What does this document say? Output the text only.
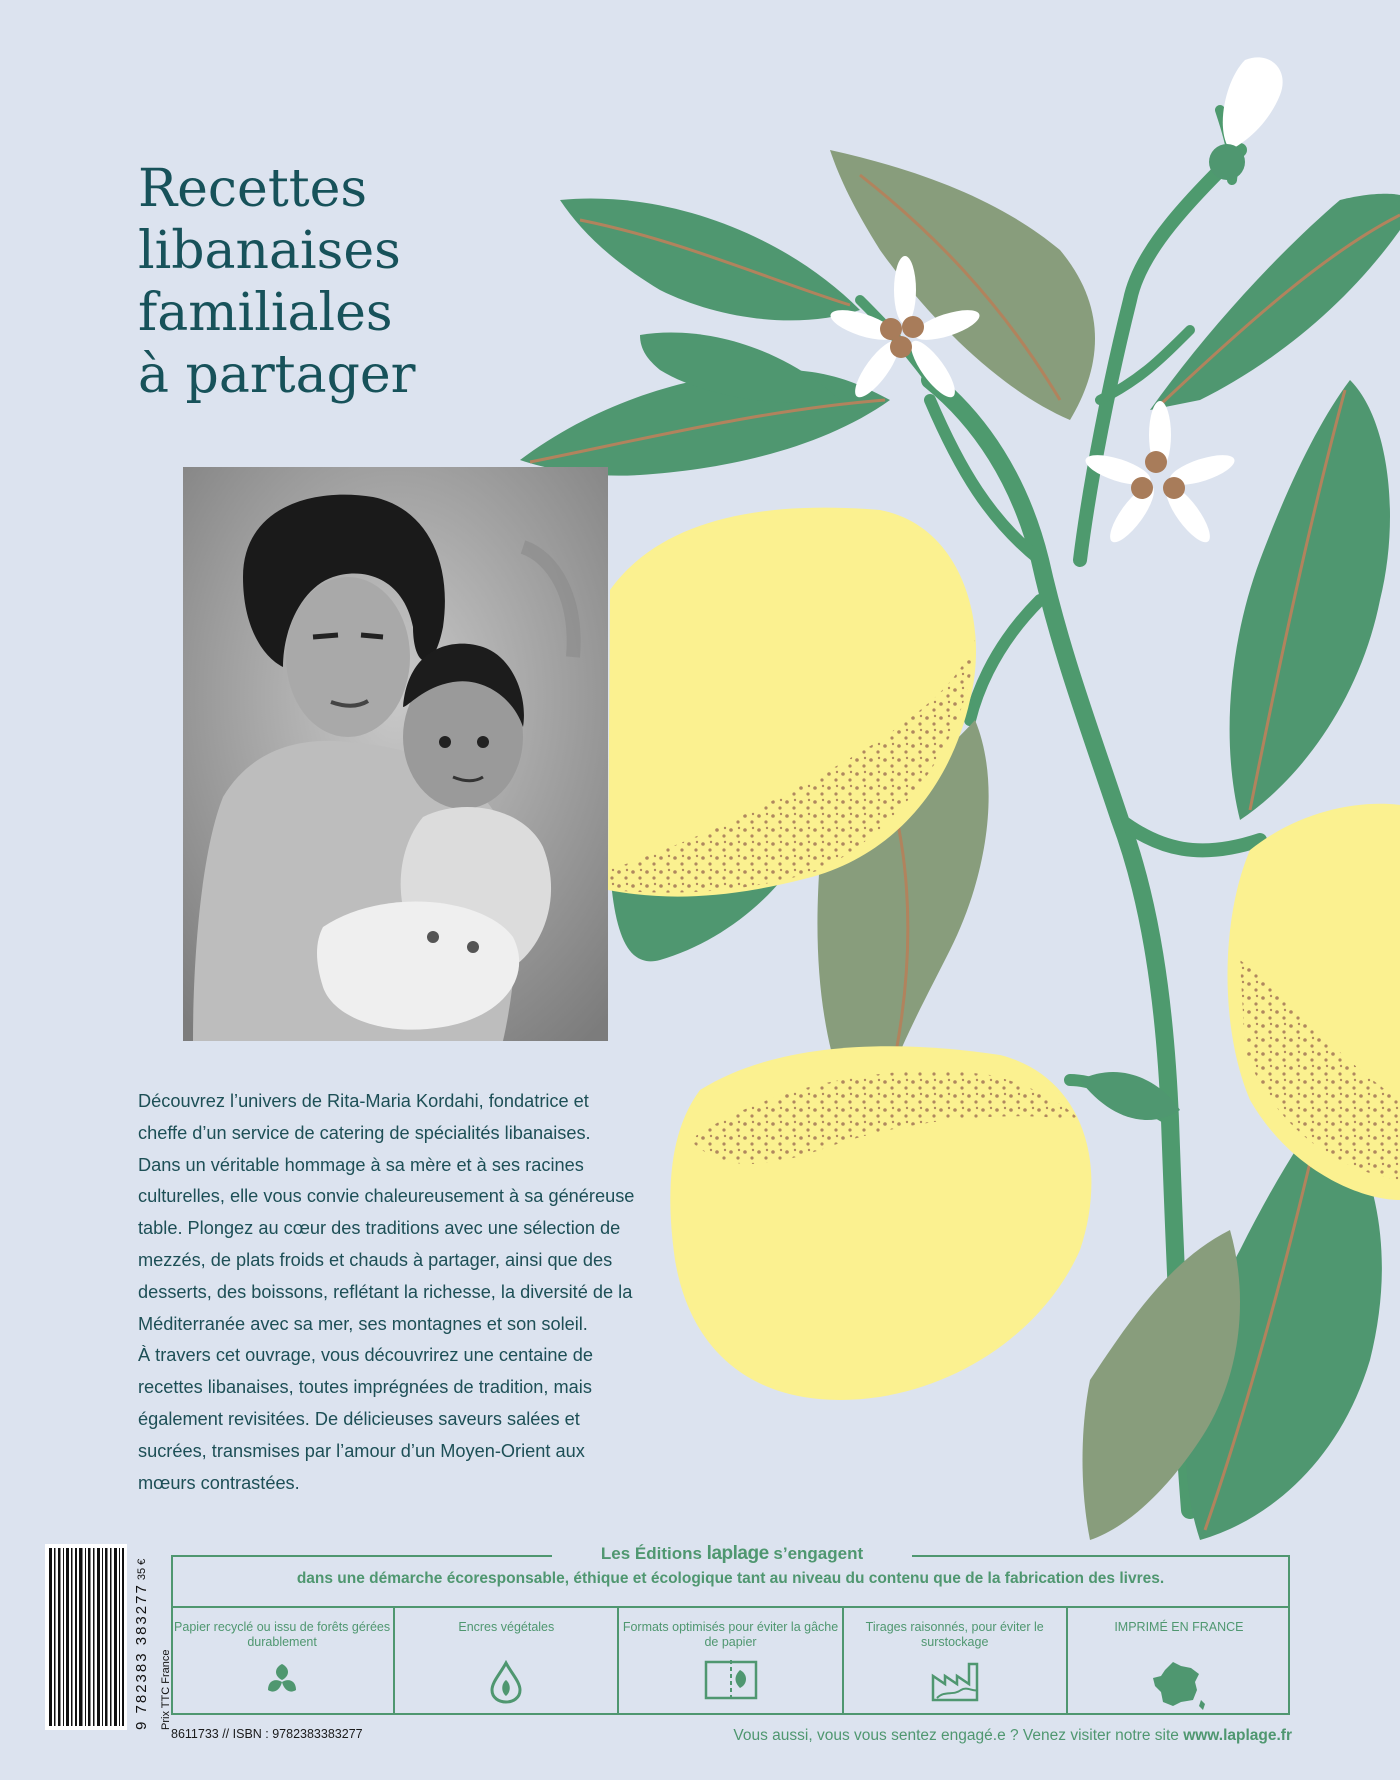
Recettes
libanaises
familiales
à partager

Découvrez l’univers de Rita-Maria Kordahi, fondatrice et cheffe d’un service de catering de spécialités libanaises. Dans un véritable hommage à sa mère et à ses racines culturelles, elle vous convie chaleureusement à sa généreuse table. Plongez au cœur des traditions avec une sélection de mezzés, de plats froids et chauds à partager, ainsi que des desserts, des boissons, reflétant la richesse, la diversité de la Méditerranée avec sa mer, ses montagnes et son soleil.

À travers cet ouvrage, vous découvrirez une centaine de recettes libanaises, toutes imprégnées de tradition, mais également revisitées. De délicieuses saveurs salées et sucrées, transmises par l’amour d’un Moyen-Orient aux mœurs contrastées.

9 782383 383277 35 € Prix TTC France
Les Éditions laplage s’engagent
dans une démarche écoresponsable, éthique et écologique tant au niveau du contenu que de la fabrication des livres.
Papier recyclé ou issu de forêts gérées durablement
Encres végétales	Formats optimisés pour éviter la gâche de papier
Tirages raisonnés, pour éviter le surstockage
IMPRIMÉ EN FRANCE
8611733 // ISBN : 9782383383277	Vous aussi, vous vous sentez engagé.e ? Venez visiter notre site www.laplage.fr
